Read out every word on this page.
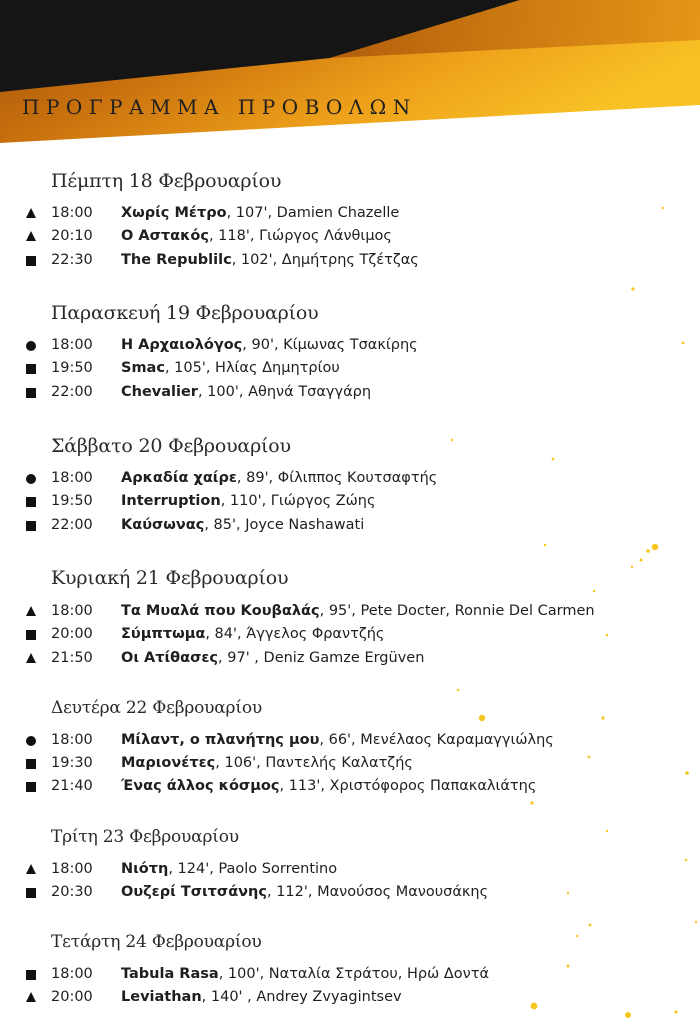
ΠΡΟΓΡΑΜΜΑ ΠΡΟΒΟΛΩΝ
Πέμπτη 18 Φεβρουαρίου
18:00 Χωρίς Μέτρο, 107', Damien Chazelle
20:10 Ο Αστακός, 118', Γιώργος Λάνθιμος
22:30 The Republilc, 102', Δημήτρης Τζέτζας
Παρασκευή 19 Φεβρουαρίου
18:00 Η Αρχαιολόγος, 90', Κίμωνας Τσακίρης
19:50 Smac, 105', Ηλίας Δημητρίου
22:00 Chevalier, 100', Αθηνά Τσαγγάρη
Σάββατο 20 Φεβρουαρίου
18:00 Αρκαδία χαίρε, 89', Φίλιππος Κουτσαφτής
19:50 Interruption, 110', Γιώργος Ζώης
22:00 Καύσωνας, 85', Joyce Nashawati
Κυριακή 21 Φεβρουαρίου
18:00 Τα Μυαλά που Κουβαλάς, 95', Pete Docter, Ronnie Del Carmen
20:00 Σύμπτωμα, 84', Άγγελος Φραντζής
21:50 Οι Ατίθασες, 97' , Deniz Gamze Ergüven
Δευτέρα 22 Φεβρουαρίου
18:00 Μίλαντ, ο πλανήτης μου, 66', Μενέλαος Καραμαγγιώλης
19:30 Μαριονέτες, 106', Παντελής Καλατζής
21:40 Ένας άλλος κόσμος, 113', Χριστόφορος Παπακαλιάτης
Τρίτη 23 Φεβρουαρίου
18:00 Νιότη, 124', Paolo Sorrentino
20:30 Ουζερί Τσιτσάνης, 112', Μανούσος Μανουσάκης
Τετάρτη 24 Φεβρουαρίου
18:00 Tabula Rasa, 100', Ναταλία Στράτου, Ηρώ Δοντά
20:00 Leviathan, 140' , Andrey Zvyagintsev
